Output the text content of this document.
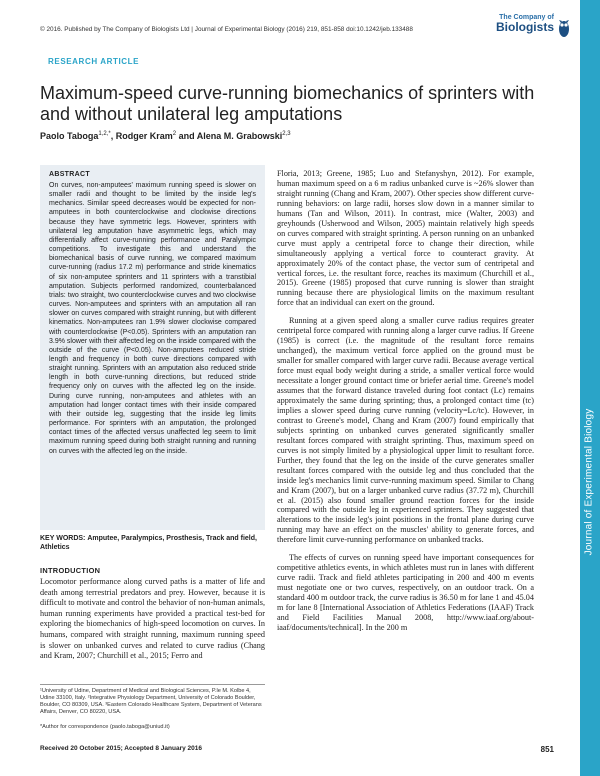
© 2016. Published by The Company of Biologists Ltd | Journal of Experimental Biology (2016) 219, 851-858 doi:10.1242/jeb.133488
The Company of
Biologists
Journal of Experimental Biology
RESEARCH ARTICLE
Maximum-speed curve-running biomechanics of sprinters with and without unilateral leg amputations
Paolo Taboga$^{1,2,*}$, Rodger Kram$^2$ and Alena M. Grabowski$^{2,3}$
ABSTRACT

On curves, non-amputees' maximum running speed is slower on smaller radii and thought to be limited by the inside leg's mechanics. Similar speed decreases would be expected for non-amputees in both counterclockwise and clockwise directions because they have symmetric legs. However, sprinters with unilateral leg amputation have asymmetric legs, which may differentially affect curve-running performance and Paralympic competitions. To investigate this and understand the biomechanical basis of curve running, we compared maximum curve-running (radius 17.2 m) performance and stride kinematics of six non-amputee sprinters and 11 sprinters with a transtibial amputation. Subjects performed randomized, counterbalanced trials: two straight, two counterclockwise curves and two clockwise curves. Non-amputees and sprinters with an amputation all ran slower on curves compared with straight running, but with different kinematics. Non-amputees ran 1.9% slower clockwise compared with counterclockwise (P<0.05). Sprinters with an amputation ran 3.9% slower with their affected leg on the inside compared with the outside of the curve (P<0.05). Non-amputees reduced stride length and frequency in both curve directions compared with straight running. Sprinters with an amputation also reduced stride length in both curve-running directions, but reduced stride frequency only on curves with the affected leg on the inside. During curve running, non-amputees and athletes with an amputation had longer contact times with their inside compared with their outside leg, suggesting that the inside leg limits performance. For sprinters with an amputation, the prolonged contact times of the affected versus unaffected leg seem to limit maximum running speed during both straight running and running on curves with the affected leg on the inside.

KEY WORDS: Amputee, Paralympics, Prosthesis, Track and field, Athletics
INTRODUCTION

Locomotor performance along curved paths is a matter of life and death among terrestrial predators and prey. However, because it is difficult to motivate and control the behavior of non-human animals, human running experiments have provided a practical test-bed for exploring the biomechanics of high-speed locomotion on curves. In humans, compared with straight running, maximum running speed is slower on unbanked curves and related to curve radius (Chang and Kram, 2007; Churchill et al., 2015; Ferro and

¹University of Udine, Department of Medical and Biological Sciences, P.le M. Kolbe 4, Udine 33100, Italy. ²Integrative Physiology Department, University of Colorado Boulder, Boulder, CO 80309, USA. ³Eastern Colorado Healthcare System, Department of Veterans Affairs, Denver, CO 80220, USA.

*Author for correspondence (paolo.taboga@uniud.it)

Received 20 October 2015; Accepted 8 January 2016

Floria, 2013; Greene, 1985; Luo and Stefanyshyn, 2012). For example, human maximum speed on a 6 m radius unbanked curve is ~26% slower than straight running (Chang and Kram, 2007). Other species show different curve-running behaviors: on large radii, horses slow down in a manner similar to humans (Tan and Wilson, 2011). In contrast, mice (Walter, 2003) and greyhounds (Usherwood and Wilson, 2005) maintain relatively high speeds on curves compared with straight sprinting. A person running on an unbanked curve must apply a centripetal force to change their direction, while simultaneously applying a vertical force to counteract gravity. At approximately 20% of the contact phase, the vector sum of centripetal and vertical forces, i.e. the resultant force, reaches its maximum (Churchill et al., 2015). Greene (1985) proposed that curve running is slower than straight running because there are physiological limits on the maximum resultant force that an individual can exert on the ground.

Running at a given speed along a smaller curve radius requires greater centripetal force compared with running along a larger curve radius. If Greene (1985) is correct (i.e. the magnitude of the resultant force remains unchanged), the maximum vertical force applied on the ground must be smaller for smaller compared with larger curve radii. Because average vertical force must equal body weight during a stride, a smaller vertical force would necessitate a longer ground contact time or briefer aerial time. Greene's model assumes that the forward distance traveled during foot contact (Lc) remains approximately the same during sprinting; thus, a prolonged contact time (tc) implies a slower speed during curve running (velocity=Lc/tc). However, in contrast to Greene's model, Chang and Kram (2007) found empirically that subjects sprinting on unbanked curves generated significantly smaller resultant forces compared with straight sprinting. Thus, maximum speed on curves is not simply limited by a physiological upper limit to resultant force. Further, they found that the leg on the inside of the curve generates smaller resultant forces compared with the outside leg and thus concluded that the inside leg's mechanics limit curve-running maximum speed. Similar to Chang and Kram (2007), but on a larger unbanked curve radius (37.72 m), Churchill et al. (2015) also found smaller ground reaction forces for the inside compared with the outside leg in experienced sprinters. They suggested that alterations to the inside leg's joint positions in the frontal plane during curve running may have an effect on the muscles' ability to generate forces, and therefore limit curve-running performance on unbanked tracks.

The effects of curves on running speed have important consequences for competitive athletics events, in which athletes must run in lanes with different curve radii. Track and field athletes participating in 200 and 400 m events must negotiate one or two curves, respectively, on an outdoor track. On a standard 400 m outdoor track, the curve radius is 36.50 m for lane 1 and 45.04 m for lane 8 [International Association of Athletics Federations (IAAF) Track and Field Facilities Manual 2008, http://www.iaaf.org/about-iaaf/documents/technical]. In the 200 m

851
